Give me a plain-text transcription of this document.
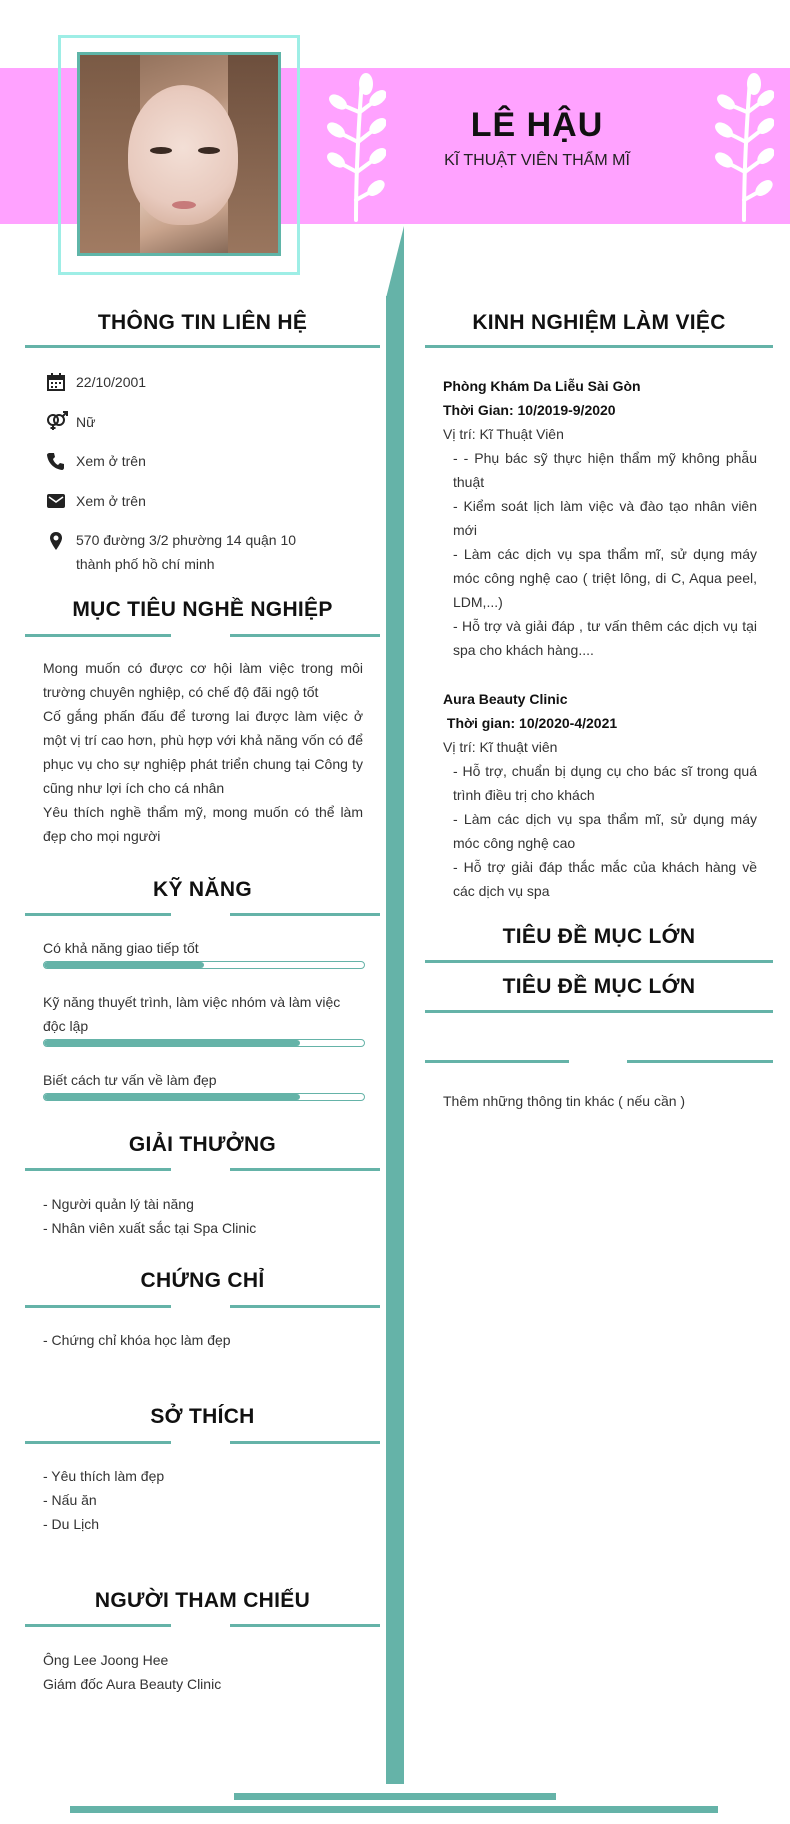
LÊ HẬU
KĨ THUẬT VIÊN THẨM MĨ
THÔNG TIN LIÊN HỆ
22/10/2001
Nữ
Xem ở trên
Xem ở trên
570 đường 3/2 phường 14 quận 10
thành phố hồ chí minh
MỤC TIÊU NGHỀ NGHIỆP

Mong muốn có được cơ hội làm việc trong môi trường chuyên nghiệp, có chế độ đãi ngộ tốt

Cố gắng phấn đấu để tương lai được làm việc ở một vị trí cao hơn, phù hợp với khả năng vốn có để phục vụ cho sự nghiệp phát triển chung tại Công ty cũng như lợi ích cho cá nhân

Yêu thích nghề thẩm mỹ, mong muốn có thể làm đẹp cho mọi người

KỸ NĂNG
Có khả năng giao tiếp tốt
Kỹ năng thuyết trình, làm việc nhóm và làm việc độc lập
Biết cách tư vấn về làm đẹp
GIẢI THƯỞNG
- Người quản lý tài năng
- Nhân viên xuất sắc tại Spa Clinic
CHỨNG CHỈ
- Chứng chỉ khóa học làm đẹp
SỞ THÍCH
- Yêu thích làm đẹp
- Nấu ăn
- Du Lịch
NGƯỜI THAM CHIẾU
Ông Lee Joong Hee
Giám đốc Aura Beauty Clinic
KINH NGHIỆM LÀM VIỆC
Phòng Khám Da Liễu Sài Gòn
Thời Gian: 10/2019-9/2020
Vị trí: Kĩ Thuật Viên

- - Phụ bác sỹ thực hiện thẩm mỹ không phẫu thuật

- Kiểm soát lịch làm việc và đào tạo nhân viên mới

- Làm các dịch vụ spa thẩm mĩ, sử dụng máy móc công nghệ cao ( triệt lông, di C, Aqua peel, LDM,...)

- Hỗ trợ và giải đáp , tư vấn thêm các dịch vụ tại spa cho khách hàng....

Aura Beauty Clinic
Thời gian: 10/2020-4/2021
Vị trí: Kĩ thuật viên

- Hỗ trợ, chuẩn bị dụng cụ cho bác sĩ trong quá trình điều trị cho khách

- Làm các dịch vụ spa thẩm mĩ, sử dụng máy móc công nghệ cao

- Hỗ trợ giải đáp thắc mắc của khách hàng về các dịch vụ spa

TIÊU ĐỀ MỤC LỚN
TIÊU ĐỀ MỤC LỚN
Thêm những thông tin khác ( nếu cần )
